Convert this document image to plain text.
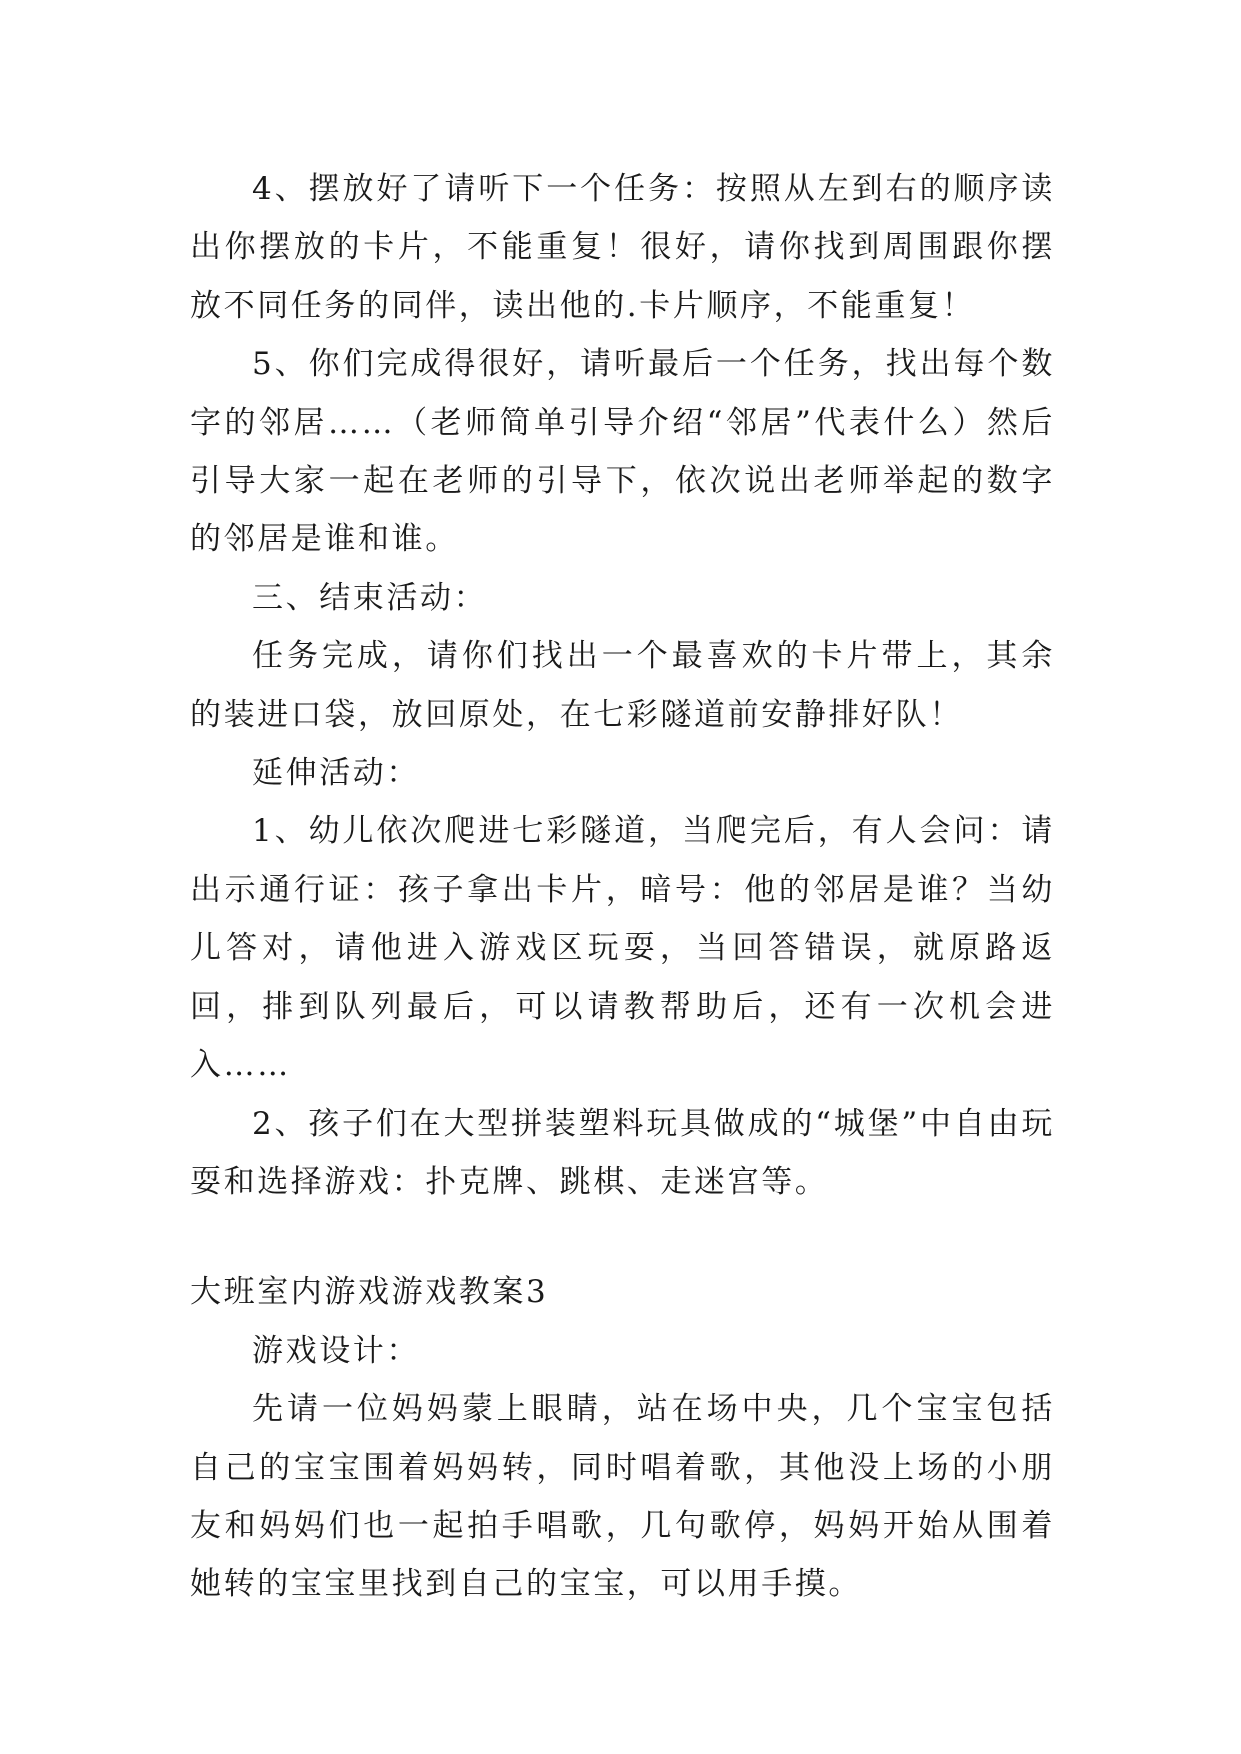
4、摆放好了请听下一个任务：按照从左到右的顺序读出你摆放的卡片，不能重复！很好，请你找到周围跟你摆放不同任务的同伴，读出他的.卡片顺序，不能重复！

5、你们完成得很好，请听最后一个任务，找出每个数字的邻居……（老师简单引导介绍“邻居”代表什么）然后引导大家一起在老师的引导下，依次说出老师举起的数字的邻居是谁和谁。

三、结束活动：

任务完成，请你们找出一个最喜欢的卡片带上，其余的装进口袋，放回原处，在七彩隧道前安静排好队！

延伸活动：

1、幼儿依次爬进七彩隧道，当爬完后，有人会问：请出示通行证：孩子拿出卡片，暗号：他的邻居是谁？当幼儿答对，请他进入游戏区玩耍，当回答错误，就原路返回，排到队列最后，可以请教帮助后，还有一次机会进入……

2、孩子们在大型拼装塑料玩具做成的“城堡”中自由玩耍和选择游戏：扑克牌、跳棋、走迷宫等。

大班室内游戏游戏教案3

游戏设计：

先请一位妈妈蒙上眼睛，站在场中央，几个宝宝包括自己的宝宝围着妈妈转，同时唱着歌，其他没上场的小朋友和妈妈们也一起拍手唱歌，几句歌停，妈妈开始从围着她转的宝宝里找到自己的宝宝，可以用手摸。
